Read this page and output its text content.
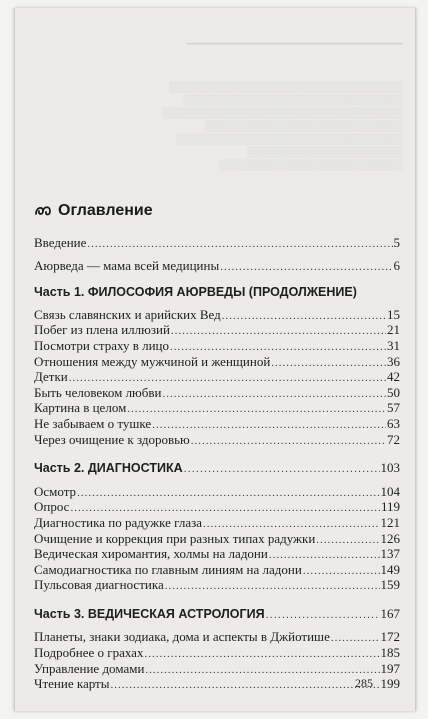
━━━━━━━━━━━━━━━━━━━━━━━━━━━━━━━━━━━━
▒▒▒▒▒▒▒▒▒▒▒▒▒▒▒▒▒▒▒▒▒▒▒▒▒▒▒▒▒▒▒▒▒
▒▒▒▒▒▒▒▒▒▒▒▒▒▒▒▒▒▒▒▒▒▒▒▒▒▒▒▒▒▒▒
▒▒▒▒▒▒▒▒▒▒▒▒▒▒▒▒▒▒▒▒▒▒▒▒▒▒▒▒▒▒▒▒▒▒
▒▒▒▒▒▒▒▒▒▒▒▒▒▒▒▒▒▒▒▒▒▒▒▒▒▒▒▒
▒▒▒▒▒▒▒▒▒▒▒▒▒▒▒▒▒▒▒▒▒▒▒▒▒▒▒▒▒▒▒▒
▒▒▒▒▒▒▒▒▒▒▒▒▒▒▒▒▒▒▒▒▒▒
▒▒▒▒▒▒▒▒▒▒▒▒▒▒▒▒▒▒▒▒▒▒▒▒▒▒
Оглавление
Введение .....	5
Аюрведа — мама всей медицины .....	6
Часть 1. ФИЛОСОФИЯ АЮРВЕДЫ (ПРОДОЛЖЕНИЕ)
Связь славянских и арийских Вед .....	15
Побег из плена иллюзий .....	21
Посмотри страху в лицо .....	31
Отношения между мужчиной и женщиной .....	36
Детки .....	42
Быть человеком любви .....	50
Картина в целом .....	57
Не забываем о тушке .....	63
Через очищение к здоровью .....	72
Часть 2. ДИАГНОСТИКА .....	103
Осмотр .....	104
Опрос .....	119
Диагностика по радужке глаза .....	121
Очищение и коррекция при разных типах радужки .....	126
Ведическая хиромантия, холмы на ладони .....	137
Самодиагностика по главным линиям на ладони .....	149
Пульсовая диагностика .....	159
Часть 3. ВЕДИЧЕСКАЯ АСТРОЛОГИЯ .....	167
Планеты, знаки зодиака, дома и аспекты в Джйотише .....	172
Подробнее о грахах .....	185
Управление домами .....	197
Чтение карты .....	199
285
